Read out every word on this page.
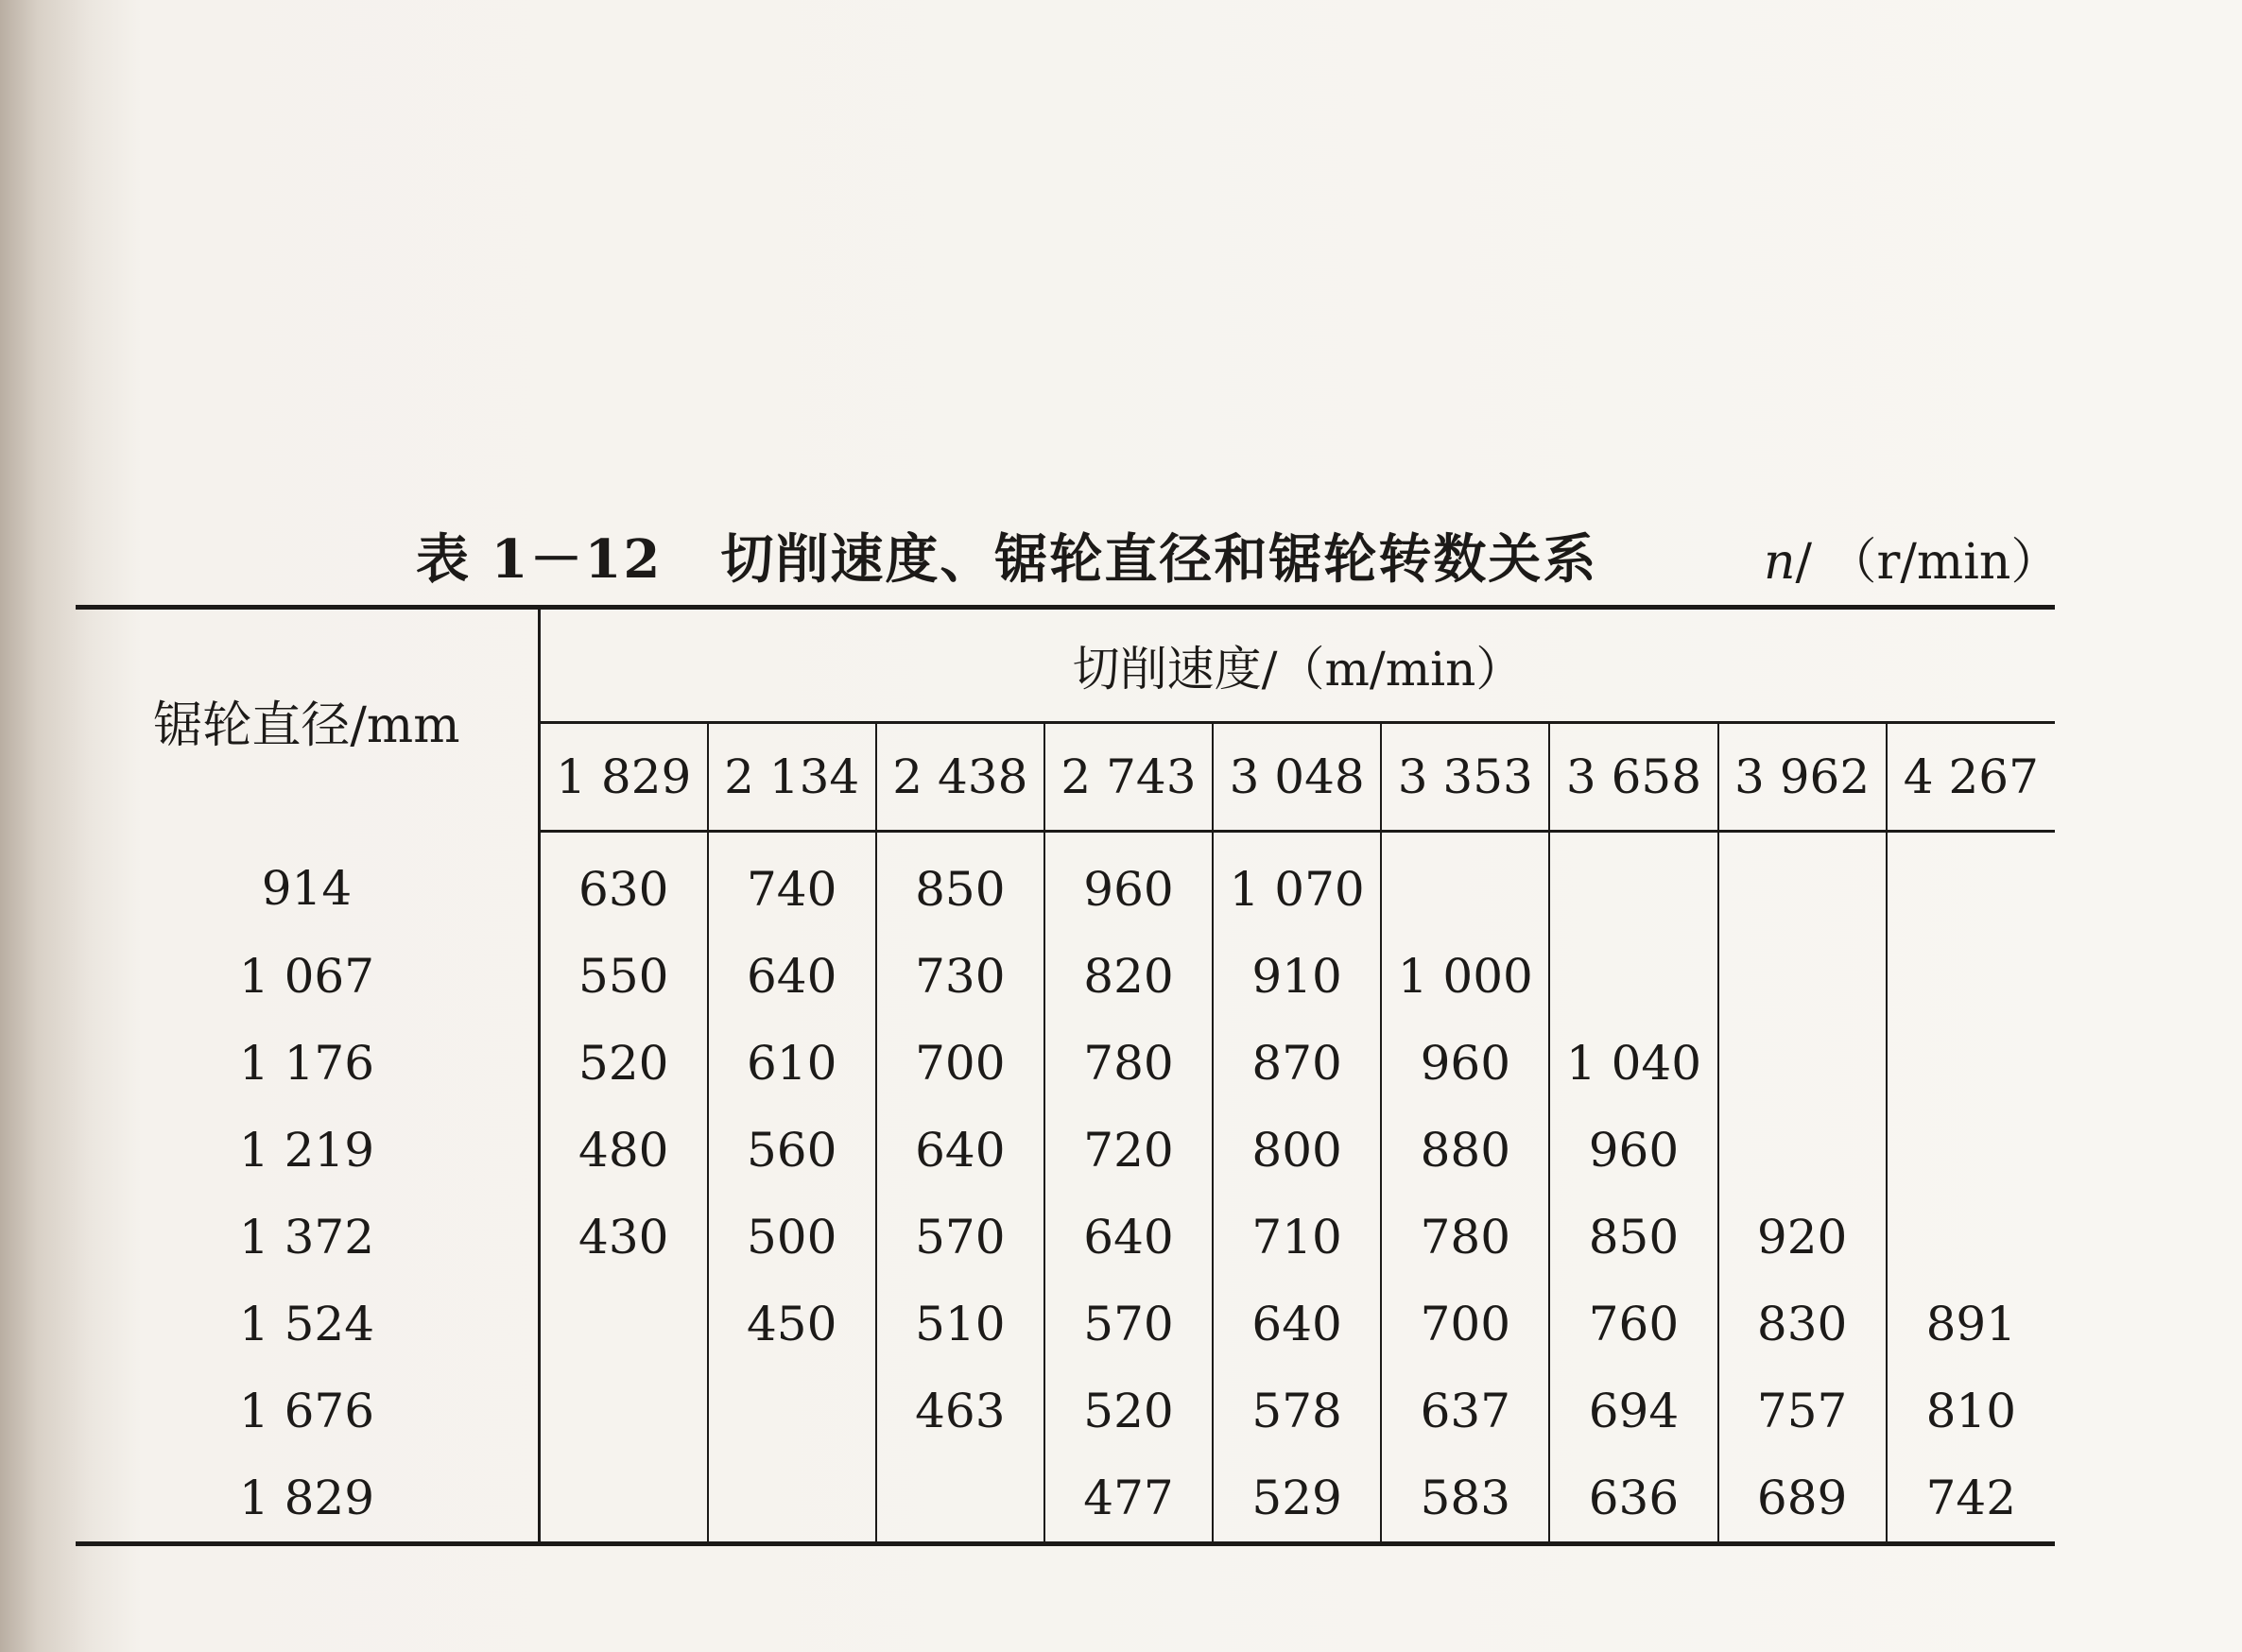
表 1－12 切削速度、锯轮直径和锯轮转数关系	n/ （r/min）
锯轮直径/mm	切削速度/（m/min）								
	1 829	2 134	2 438	2 743	3 048	3 353	3 658	3 962	4 267
914	630	740	850	960	1 070				
1 067	550	640	730	820	910	1 000			
1 176	520	610	700	780	870	960	1 040		
1 219	480	560	640	720	800	880	960		
1 372	430	500	570	640	710	780	850	920	
1 524		450	510	570	640	700	760	830	891
1 676			463	520	578	637	694	757	810
1 829				477	529	583	636	689	742
